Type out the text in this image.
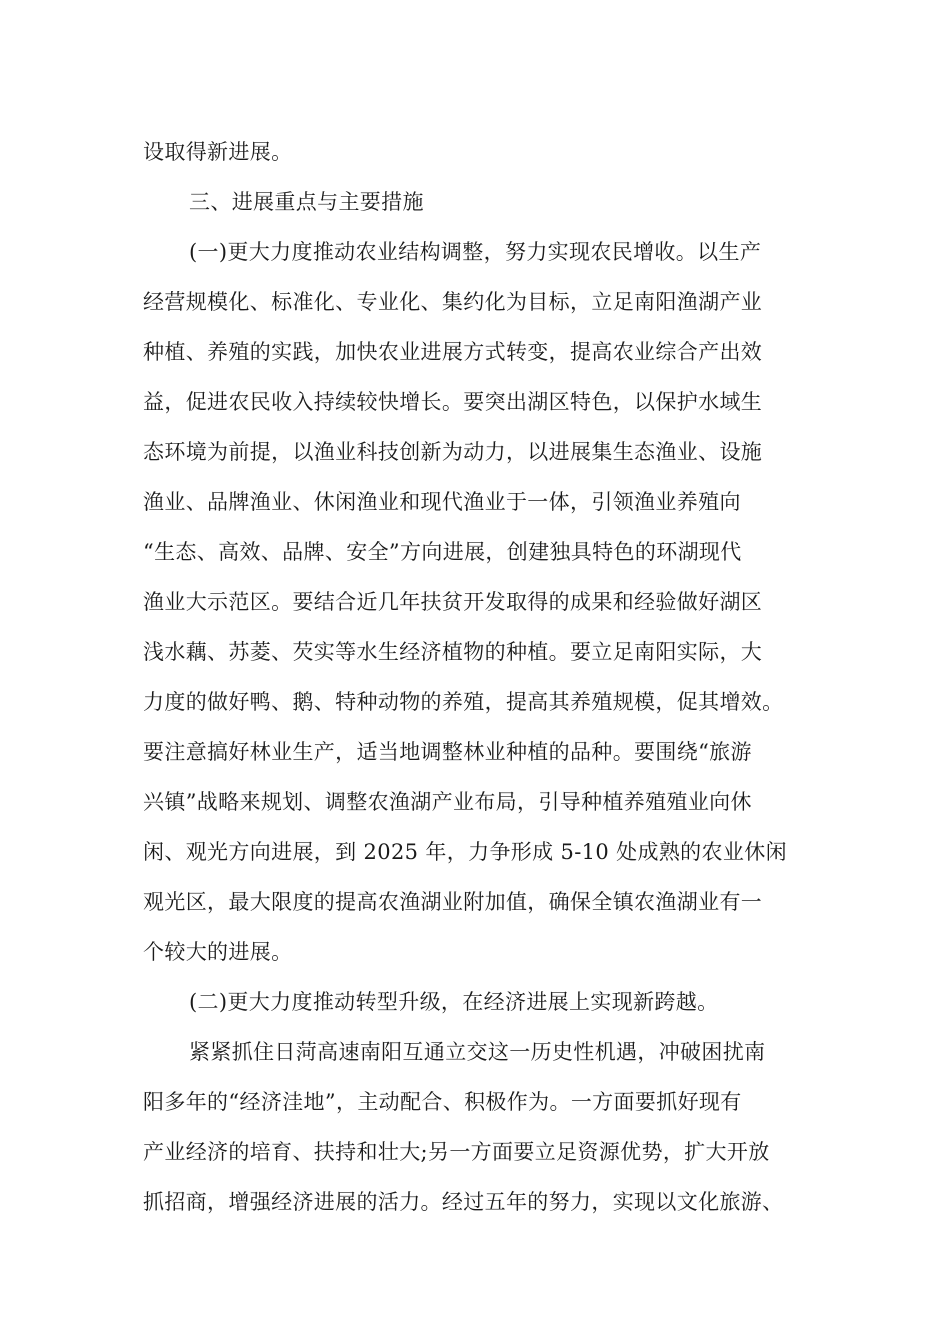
设取得新进展。

三、进展重点与主要措施

(一)更大力度推动农业结构调整，努力实现农民增收。以生产

经营规模化、标准化、专业化、集约化为目标，立足南阳渔湖产业

种植、养殖的实践，加快农业进展方式转变，提高农业综合产出效

益，促进农民收入持续较快增长。要突出湖区特色，以保护水域生

态环境为前提，以渔业科技创新为动力，以进展集生态渔业、设施

渔业、品牌渔业、休闲渔业和现代渔业于一体，引领渔业养殖向

“生态、高效、品牌、安全”方向进展，创建独具特色的环湖现代

渔业大示范区。要结合近几年扶贫开发取得的成果和经验做好湖区

浅水藕、苏菱、芡实等水生经济植物的种植。要立足南阳实际，大

力度的做好鸭、鹅、特种动物的养殖，提高其养殖规模，促其增效。

要注意搞好林业生产，适当地调整林业种植的品种。要围绕“旅游

兴镇”战略来规划、调整农渔湖产业布局，引导种植养殖殖业向休

闲、观光方向进展，到 2025 年，力争形成 5-10 处成熟的农业休闲

观光区，最大限度的提高农渔湖业附加值，确保全镇农渔湖业有一

个较大的进展。

(二)更大力度推动转型升级，在经济进展上实现新跨越。

紧紧抓住日菏高速南阳互通立交这一历史性机遇，冲破困扰南

阳多年的“经济洼地”，主动配合、积极作为。一方面要抓好现有

产业经济的培育、扶持和壮大;另一方面要立足资源优势，扩大开放

抓招商，增强经济进展的活力。经过五年的努力，实现以文化旅游、
